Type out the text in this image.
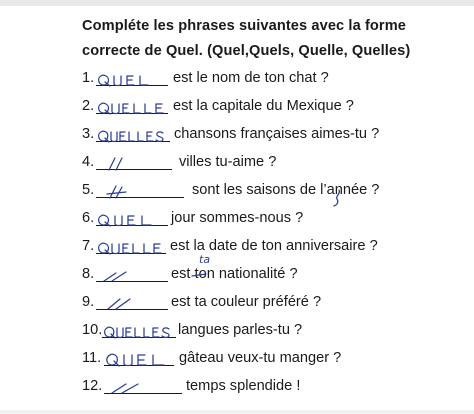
Compléte les phrases suivantes avec la forme
correcte de Quel. (Quel,Quels, Quelle, Quelles)
1.	est le nom de ton chat ?
2.	est la capitale du Mexique ?
3.	chansons françaises aimes-tu ?
4.	villes tu-aime ?
5.	sont les saisons de l’année ?
6.	jour sommes-nous ?
7.	est la date de ton anniversaire ?
8.	est ton nationalité ?
ta
9.	est ta couleur préféré ?
10.	langues parles-tu ?
11.	gâteau veux-tu manger ?
12.	temps splendide !
